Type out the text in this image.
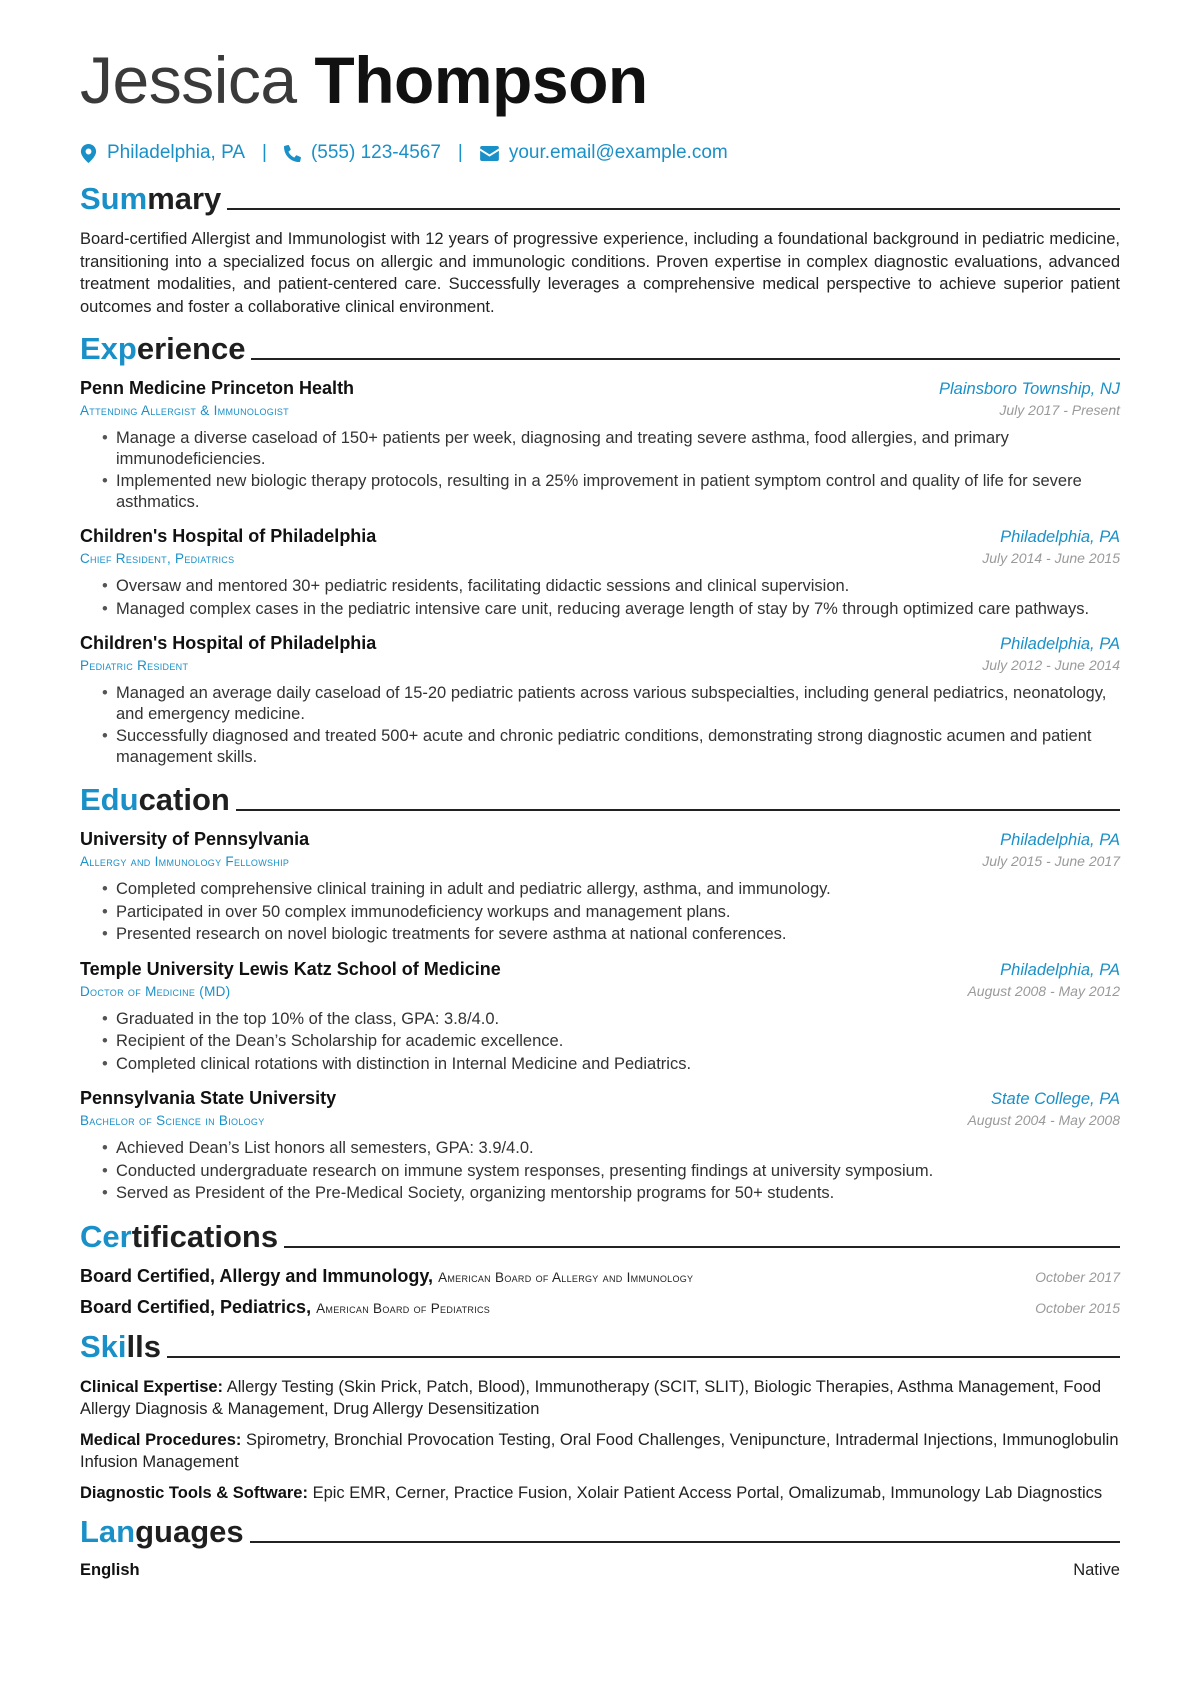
Jessica Thompson
Philadelphia, PA | (555) 123-4567 | your.email@example.com
Summary

Board-certified Allergist and Immunologist with 12 years of progressive experience, including a foundational background in pediatric medicine, transitioning into a specialized focus on allergic and immunologic conditions. Proven expertise in complex diagnostic evaluations, advanced treatment modalities, and patient-centered care. Successfully leverages a comprehensive medical perspective to achieve superior patient outcomes and foster a collaborative clinical environment.

Experience
Penn Medicine Princeton Health	Plainsboro Township, NJ
Attending Allergist & Immunologist	July 2017 - Present
• Manage a diverse caseload of 150+ patients per week, diagnosing and treating severe asthma, food allergies, and primary immunodeficiencies.
• Implemented new biologic therapy protocols, resulting in a 25% improvement in patient symptom control and quality of life for severe asthmatics.
Children's Hospital of Philadelphia	Philadelphia, PA
Chief Resident, Pediatrics	July 2014 - June 2015
• Oversaw and mentored 30+ pediatric residents, facilitating didactic sessions and clinical supervision.
• Managed complex cases in the pediatric intensive care unit, reducing average length of stay by 7% through optimized care pathways.
Children's Hospital of Philadelphia	Philadelphia, PA
Pediatric Resident	July 2012 - June 2014
• Managed an average daily caseload of 15-20 pediatric patients across various subspecialties, including general pediatrics, neonatology, and emergency medicine.
• Successfully diagnosed and treated 500+ acute and chronic pediatric conditions, demonstrating strong diagnostic acumen and patient management skills.
Education
University of Pennsylvania	Philadelphia, PA
Allergy and Immunology Fellowship	July 2015 - June 2017
• Completed comprehensive clinical training in adult and pediatric allergy, asthma, and immunology.
• Participated in over 50 complex immunodeficiency workups and management plans.
• Presented research on novel biologic treatments for severe asthma at national conferences.
Temple University Lewis Katz School of Medicine	Philadelphia, PA
Doctor of Medicine (MD)	August 2008 - May 2012
• Graduated in the top 10% of the class, GPA: 3.8/4.0.
• Recipient of the Dean’s Scholarship for academic excellence.
• Completed clinical rotations with distinction in Internal Medicine and Pediatrics.
Pennsylvania State University	State College, PA
Bachelor of Science in Biology	August 2004 - May 2008
• Achieved Dean’s List honors all semesters, GPA: 3.9/4.0.
• Conducted undergraduate research on immune system responses, presenting findings at university symposium.
• Served as President of the Pre-Medical Society, organizing mentorship programs for 50+ students.
Certifications
Board Certified, Allergy and Immunology, American Board of Allergy and Immunology	October 2017
Board Certified, Pediatrics, American Board of Pediatrics	October 2015
Skills

Clinical Expertise: Allergy Testing (Skin Prick, Patch, Blood), Immunotherapy (SCIT, SLIT), Biologic Therapies, Asthma Management, Food Allergy Diagnosis & Management, Drug Allergy Desensitization

Medical Procedures: Spirometry, Bronchial Provocation Testing, Oral Food Challenges, Venipuncture, Intradermal Injections, Immunoglobulin Infusion Management

Diagnostic Tools & Software: Epic EMR, Cerner, Practice Fusion, Xolair Patient Access Portal, Omalizumab, Immunology Lab Diagnostics

Languages
English	Native
